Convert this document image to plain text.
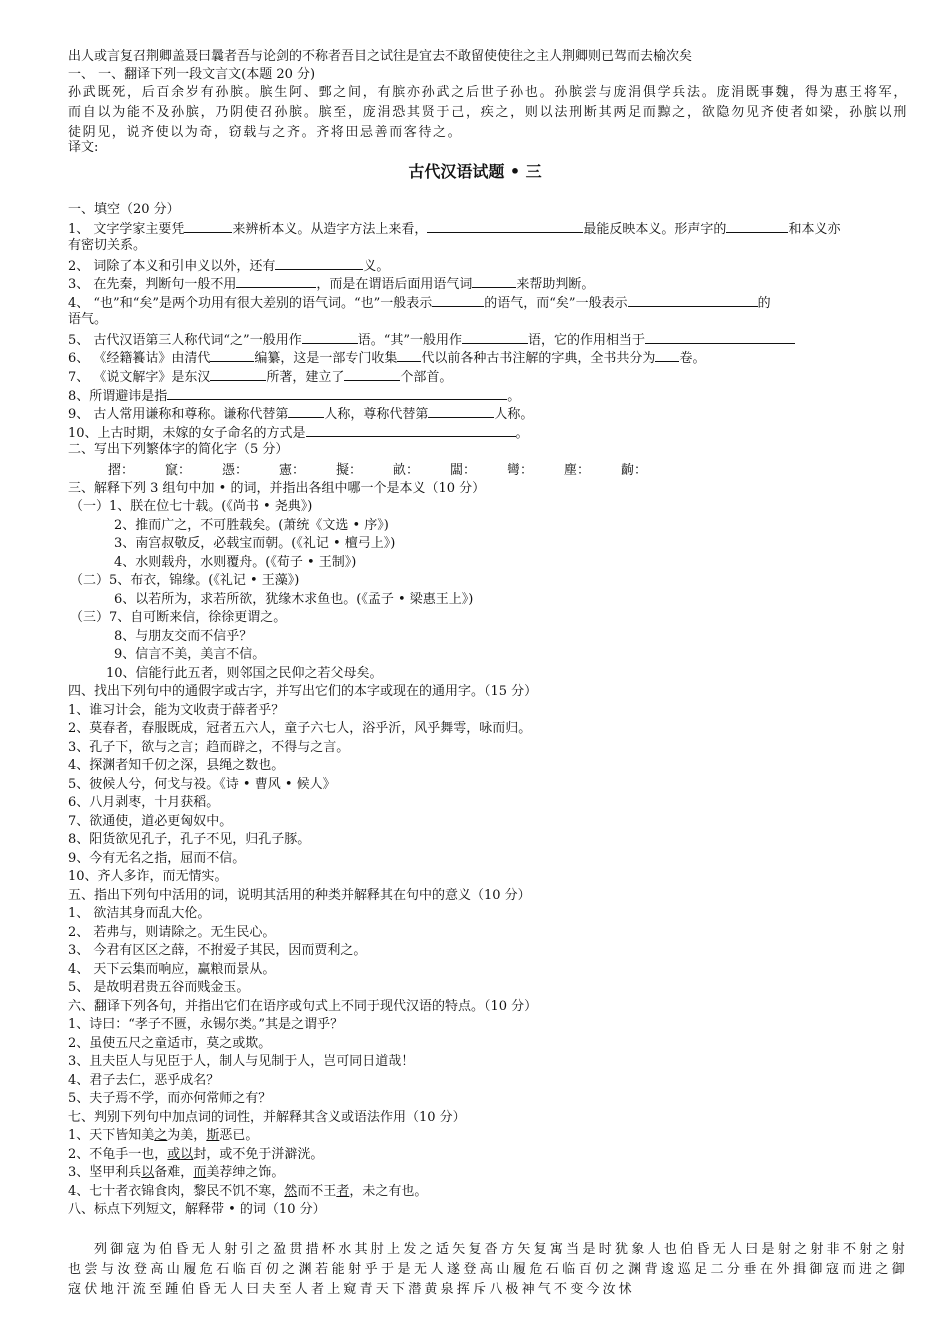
出人或言复召荆卿盖聂曰曩者吾与论剑的不称者吾目之试往是宜去不敢留使使往之主人荆卿则已驾而去榆次矣
一、 一、翻译下列一段文言文(本题 20 分)
孙武既死，后百余岁有孙膑。膑生阿、鄄之间，有膑亦孙武之后世子孙也。孙膑尝与庞涓俱学兵法。庞涓既事魏，得为惠王将军，而自以为能不及孙膑，乃阴使召孙膑。膑至，庞涓恐其贤于己，疾之，则以法刑断其两足而黥之，欲隐勿见齐使者如梁，孙膑以刑徒阴见，说齐使以为奇，窃载与之齐。齐将田忌善而客待之。
译文:
古代汉语试题 • 三
一、填空（20 分）
1、 文字学家主要凭	来辨析本义。从造字方法上来看，	最能反映本义。形声字的	和本义亦
有密切关系。
2、 词除了本义和引申义以外，还有	义。
3、 在先秦，判断句一般不用	，而是在谓语后面用语气词	来帮助判断。
4、 “也”和“矣”是两个功用有很大差别的语气词。“也”一般表示	的语气，而“矣”一般表示	的
语气。
5、 古代汉语第三人称代词“之”一般用作	语。“其”一般用作	语，它的作用相当于
6、 《经籍籑诂》由清代	编纂，这是一部专门收集 代以前各种古书注解的字典，全书共分为 卷。
7、 《说文解字》是东汉	所著，建立了	个部首。
8、所谓避讳是指	。
9、 古人常用谦称和尊称。谦称代替第	人称，尊称代替第	人称。
10、上古时期，未嫁的女子命名的方式是	。
二、写出下列繁体字的简化字（5 分）
摺： 竄： 憑： 憲： 擬： 畝： 闆： 彎： 塵： 齣：
三、解释下列 3 组句中加 • 的词，并指出各组中哪一个是本义（10 分）
（一）1、朕在位七十载。(《尚书 • 尧典》)
2、推而广之，不可胜载矣。(萧统《文选 • 序》)
3、南宫叔敬反，必载宝而朝。(《礼记 • 檀弓上》)
4、水则载舟，水则覆舟。(《荀子 • 王制》)
（二）5、布衣，锦缘。(《礼记 • 王藻》)
6、以若所为，求若所欲，犹缘木求鱼也。(《孟子 • 梁惠王上》)
（三）7、自可断来信，徐徐更谓之。
8、与朋友交而不信乎？
9、信言不美，美言不信。
10、信能行此五者，则邻国之民仰之若父母矣。
四、找出下列句中的通假字或古字，并写出它们的本字或现在的通用字。（15 分）
1、谁习计会，能为文收责于薛者乎？
2、莫春者，春服既成，冠者五六人，童子六七人，浴乎沂，风乎舞雩，咏而归。
3、孔子下，欲与之言；趋而辟之，不得与之言。
4、探渊者知千仞之深，县绳之数也。
5、彼候人兮，何戈与祋。《诗 • 曹风 • 候人》
6、八月剥枣，十月获稻。
7、欲通使，道必更匈奴中。
8、阳货欲见孔子，孔子不见，归孔子豚。
9、今有无名之指，屈而不信。
10、齐人多诈，而无情实。
五、指出下列句中活用的词，说明其活用的种类并解释其在句中的意义（10 分）
1、 欲洁其身而乱大伦。
2、 若弗与，则请除之。无生民心。
3、 今君有区区之薛，不拊爱子其民，因而贾利之。
4、 天下云集而响应，赢粮而景从。
5、 是故明君贵五谷而贱金玉。
六、翻译下列各句，并指出它们在语序或句式上不同于现代汉语的特点。（10 分）
1、诗曰：“孝子不匮，永锡尔类。”其是之谓乎？
2、虽使五尺之童适市，莫之或欺。
3、且夫臣人与见臣于人，制人与见制于人，岂可同日道哉！
4、君子去仁，恶乎成名？
5、夫子焉不学，而亦何常师之有？
七、判别下列句中加点词的词性，并解释其含义或语法作用（10 分）
1、天下皆知美之为美，斯恶已。
2、不龟手一也，或以封，或不免于洴澼洸。
3、坚甲利兵以备难，而美荐绅之饰。
4、七十者衣锦食肉，黎民不饥不寒，然而不王者，未之有也。
八、标点下列短文，解释带 • 的词（10 分）
列御寇为伯昏无人射引之盈贯措杯水其肘上发之适矢复沓方矢复寓当是时犹象人也伯昏无人曰是射之射非不射之射也尝与汝登高山履危石临百仞之渊若能射乎于是无人遂登高山履危石临百仞之渊背逡巡足二分垂在外揖御寇而进之御寇伏地汗流至踵伯昏无人曰夫至人者上窥青天下潜黄泉挥斥八极神气不变今汝怵
